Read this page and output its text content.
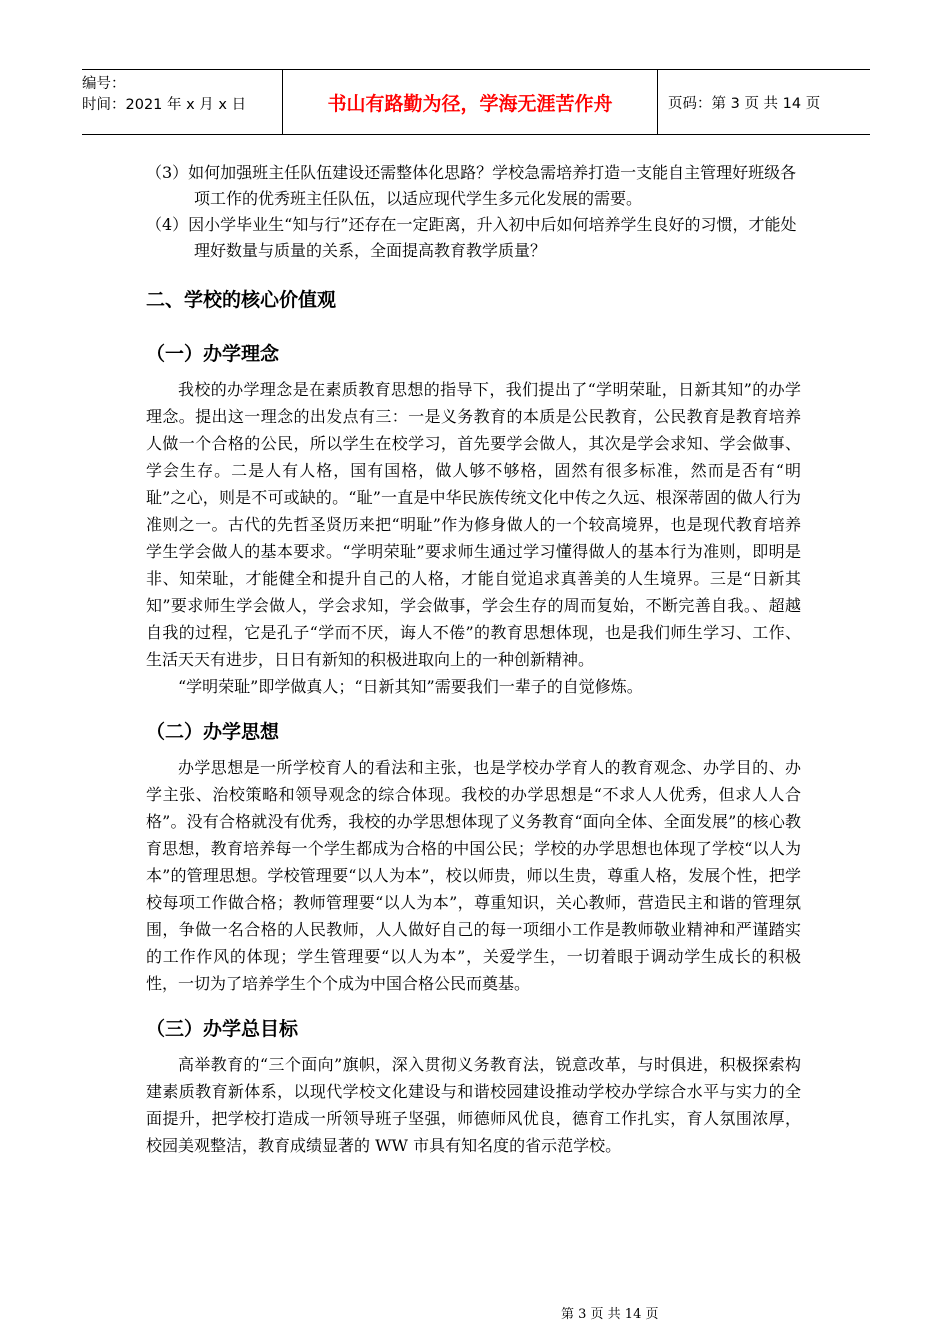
编号：
时间：2021 年 x 月 x 日	书山有路勤为径，学海无涯苦作舟	页码：第 3 页 共 14 页

（3）如何加强班主任队伍建设还需整体化思路？学校急需培养打造一支能自主管理好班级各项工作的优秀班主任队伍，以适应现代学生多元化发展的需要。

（4）因小学毕业生“知与行”还存在一定距离，升入初中后如何培养学生良好的习惯，才能处理好数量与质量的关系，全面提高教育教学质量？

二、学校的核心价值观
（一）办学理念

我校的办学理念是在素质教育思想的指导下，我们提出了“学明荣耻，日新其知”的办学理念。提出这一理念的出发点有三：一是义务教育的本质是公民教育，公民教育是教育培养人做一个合格的公民，所以学生在校学习，首先要学会做人，其次是学会求知、学会做事、学会生存。二是人有人格，国有国格，做人够不够格，固然有很多标准，然而是否有“明耻”之心，则是不可或缺的。“耻”一直是中华民族传统文化中传之久远、根深蒂固的做人行为准则之一。古代的先哲圣贤历来把“明耻”作为修身做人的一个较高境界，也是现代教育培养学生学会做人的基本要求。“学明荣耻”要求师生通过学习懂得做人的基本行为准则，即明是非、知荣耻，才能健全和提升自己的人格，才能自觉追求真善美的人生境界。三是“日新其知”要求师生学会做人，学会求知，学会做事，学会生存的周而复始，不断完善自我。、超越自我的过程，它是孔子“学而不厌，诲人不倦”的教育思想体现，也是我们师生学习、工作、生活天天有进步，日日有新知的积极进取向上的一种创新精神。

“学明荣耻”即学做真人；“日新其知”需要我们一辈子的自觉修炼。

（二）办学思想

办学思想是一所学校育人的看法和主张，也是学校办学育人的教育观念、办学目的、办学主张、治校策略和领导观念的综合体现。我校的办学思想是“不求人人优秀，但求人人合格”。没有合格就没有优秀，我校的办学思想体现了义务教育“面向全体、全面发展”的核心教育思想，教育培养每一个学生都成为合格的中国公民；学校的办学思想也体现了学校“以人为本”的管理思想。学校管理要“以人为本”，校以师贵，师以生贵，尊重人格，发展个性，把学校每项工作做合格；教师管理要“以人为本”，尊重知识，关心教师，营造民主和谐的管理氛围，争做一名合格的人民教师，人人做好自己的每一项细小工作是教师敬业精神和严谨踏实的工作作风的体现；学生管理要“以人为本”，关爱学生，一切着眼于调动学生成长的积极性，一切为了培养学生个个成为中国合格公民而奠基。

（三）办学总目标

高举教育的“三个面向”旗帜，深入贯彻义务教育法，锐意改革，与时俱进，积极探索构建素质教育新体系，以现代学校文化建设与和谐校园建设推动学校办学综合水平与实力的全面提升，把学校打造成一所领导班子坚强，师德师风优良，德育工作扎实，育人氛围浓厚，校园美观整洁，教育成绩显著的 WW 市具有知名度的省示范学校。

第 3 页 共 14 页
